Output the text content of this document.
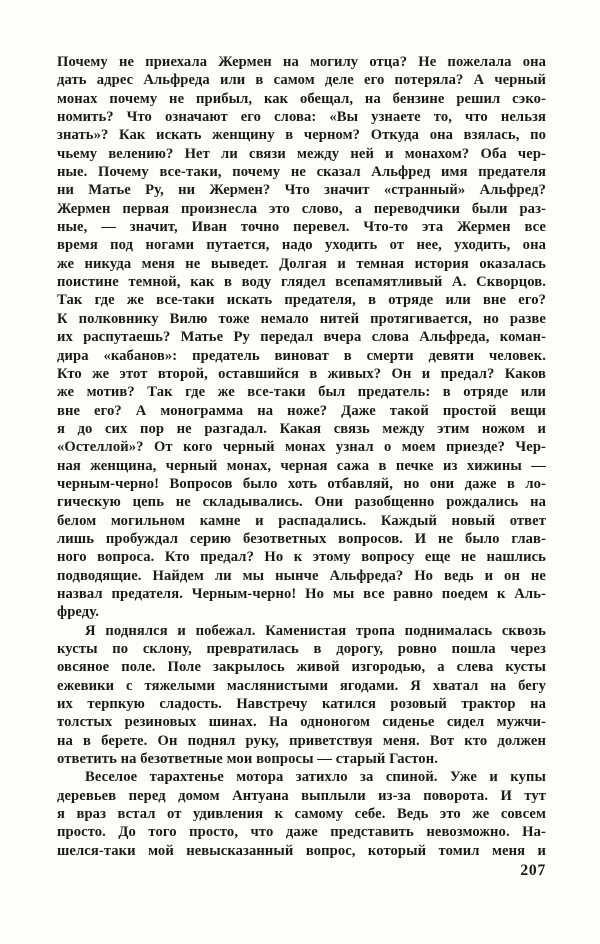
Почему не приехала Жермен на могилу отца? Не пожелала она
дать адрес Альфреда или в самом деле его потеряла? А черный
монах почему не прибыл, как обещал, на бензине решил сэко-
номить? Что означают его слова: «Вы узнаете то, что нельзя
знать»? Как искать женщину в черном? Откуда она взялась, по
чьему велению? Нет ли связи между ней и монахом? Оба чер-
ные. Почему все-таки, почему не сказал Альфред имя предателя
ни Матье Ру, ни Жермен? Что значит «странный» Альфред?
Жермен первая произнесла это слово, а переводчики были раз-
ные, — значит, Иван точно перевел. Что-то эта Жермен все
время под ногами путается, надо уходить от нее, уходить, она
же никуда меня не выведет. Долгая и темная история оказалась
поистине темной, как в воду глядел всепамятливый А. Скворцов.
Так где же все-таки искать предателя, в отряде или вне его?
К полковнику Вилю тоже немало нитей протягивается, но разве
их распутаешь? Матье Ру передал вчера слова Альфреда, коман-
дира «кабанов»: предатель виноват в смерти девяти человек.
Кто же этот второй, оставшийся в живых? Он и предал? Каков
же мотив? Так где же все-таки был предатель: в отряде или
вне его? А монограмма на ноже? Даже такой простой вещи
я до сих пор не разгадал. Какая связь между этим ножом и
«Остеллой»? От кого черный монах узнал о моем приезде? Чер-
ная женщина, черный монах, черная сажа в печке из хижины —
черным-черно! Вопросов было хоть отбавляй, но они даже в ло-
гическую цепь не складывались. Они разобщенно рождались на
белом могильном камне и распадались. Каждый новый ответ
лишь пробуждал серию безответных вопросов. И не было глав-
ного вопроса. Кто предал? Но к этому вопросу еще не нашлись
подводящие. Найдем ли мы нынче Альфреда? Но ведь и он не
назвал предателя. Черным-черно! Но мы все равно поедем к Аль-
фреду.
Я поднялся и побежал. Каменистая тропа поднималась сквозь
кусты по склону, превратилась в дорогу, ровно пошла через
овсяное поле. Поле закрылось живой изгородью, а слева кусты
ежевики с тяжелыми маслянистыми ягодами. Я хватал на бегу
их терпкую сладость. Навстречу катился розовый трактор на
толстых резиновых шинах. На одноногом сиденье сидел мужчи-
на в берете. Он поднял руку, приветствуя меня. Вот кто должен
ответить на безответные мои вопросы — старый Гастон.
Веселое тарахтенье мотора затихло за спиной. Уже и купы
деревьев перед домом Антуана выплыли из-за поворота. И тут
я враз встал от удивления к самому себе. Ведь это же совсем
просто. До того просто, что даже представить невозможно. На-
шелся-таки мой невысказанный вопрос, который томил меня и
207
